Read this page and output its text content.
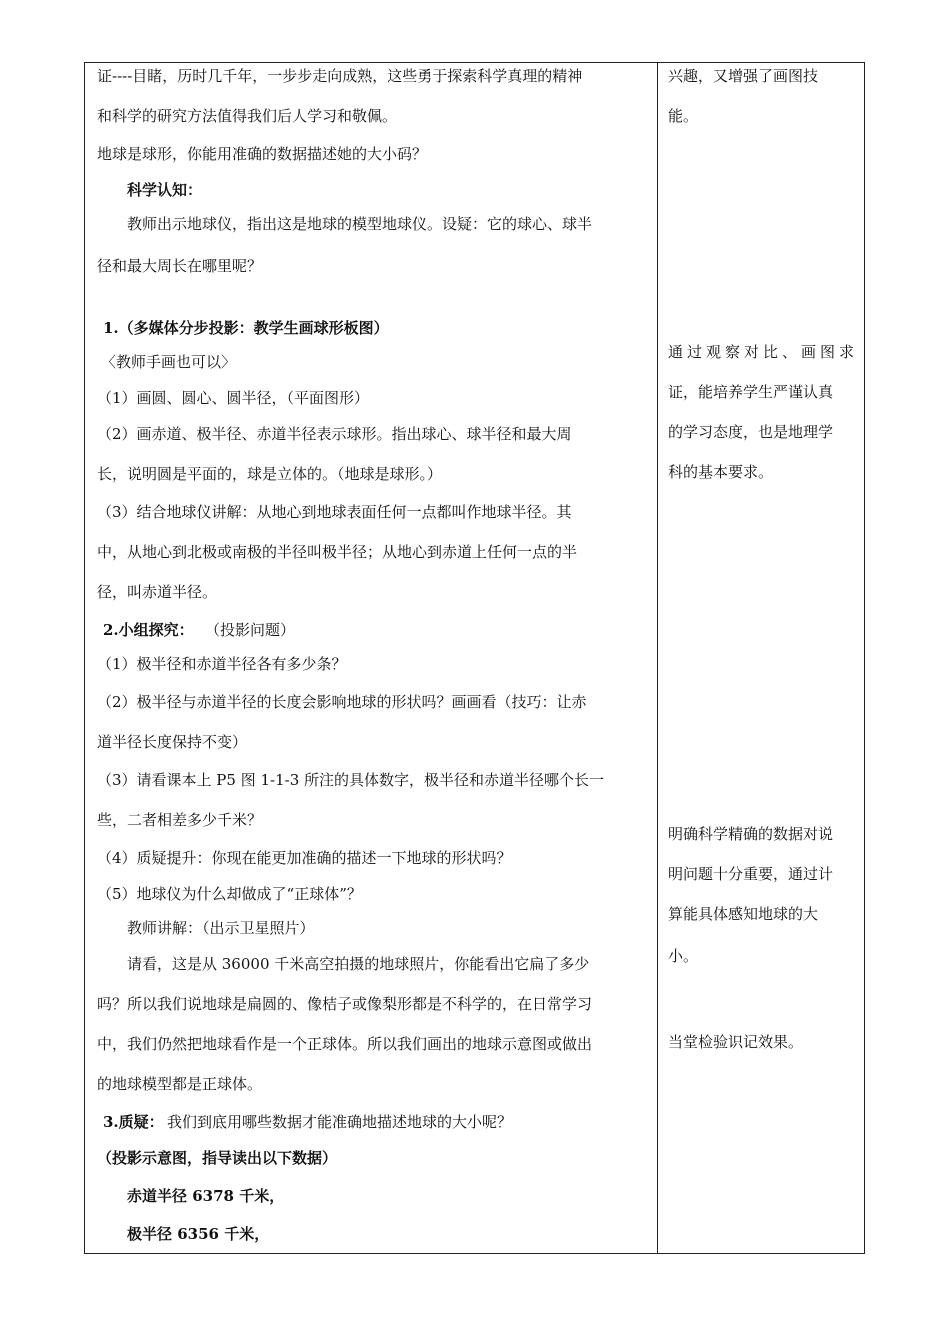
证----目睹，历时几千年，一步步走向成熟，这些勇于探索科学真理的精神
和科学的研究方法值得我们后人学习和敬佩。
地球是球形，你能用准确的数据描述她的大小码？
科学认知：
教师出示地球仪，指出这是地球的模型地球仪。设疑：它的球心、球半
径和最大周长在哪里呢？
1.（多媒体分步投影：教学生画球形板图）
〈教师手画也可以〉
（1）画圆、圆心、圆半径，（平面图形）
（2）画赤道、极半径、赤道半径表示球形。指出球心、球半径和最大周
长，说明圆是平面的，球是立体的。（地球是球形。）
（3）结合地球仪讲解：从地心到地球表面任何一点都叫作地球半径。其
中，从地心到北极或南极的半径叫极半径；从地心到赤道上任何一点的半
径，叫赤道半径。
2.小组探究： （投影问题）
（1）极半径和赤道半径各有多少条？
（2）极半径与赤道半径的长度会影响地球的形状吗？画画看（技巧：让赤
道半径长度保持不变）
（3）请看课本上 P5 图 1-1-3 所注的具体数字，极半径和赤道半径哪个长一
些，二者相差多少千米？
（4）质疑提升：你现在能更加准确的描述一下地球的形状吗？
（5）地球仪为什么却做成了“正球体”？
教师讲解：（出示卫星照片）
请看，这是从 36000 千米高空拍摄的地球照片，你能看出它扁了多少
吗？所以我们说地球是扁圆的、像桔子或像梨形都是不科学的，在日常学习
中，我们仍然把地球看作是一个正球体。所以我们画出的地球示意图或做出
的地球模型都是正球体。
3.质疑： 我们到底用哪些数据才能准确地描述地球的大小呢？
（投影示意图，指导读出以下数据）
赤道半径 6378 千米，
极半径 6356 千米，
兴趣，又增强了画图技
能。
通过观察对比、画图求
证，能培养学生严谨认真
的学习态度，也是地理学
科的基本要求。
明确科学精确的数据对说
明问题十分重要，通过计
算能具体感知地球的大
小。
当堂检验识记效果。
